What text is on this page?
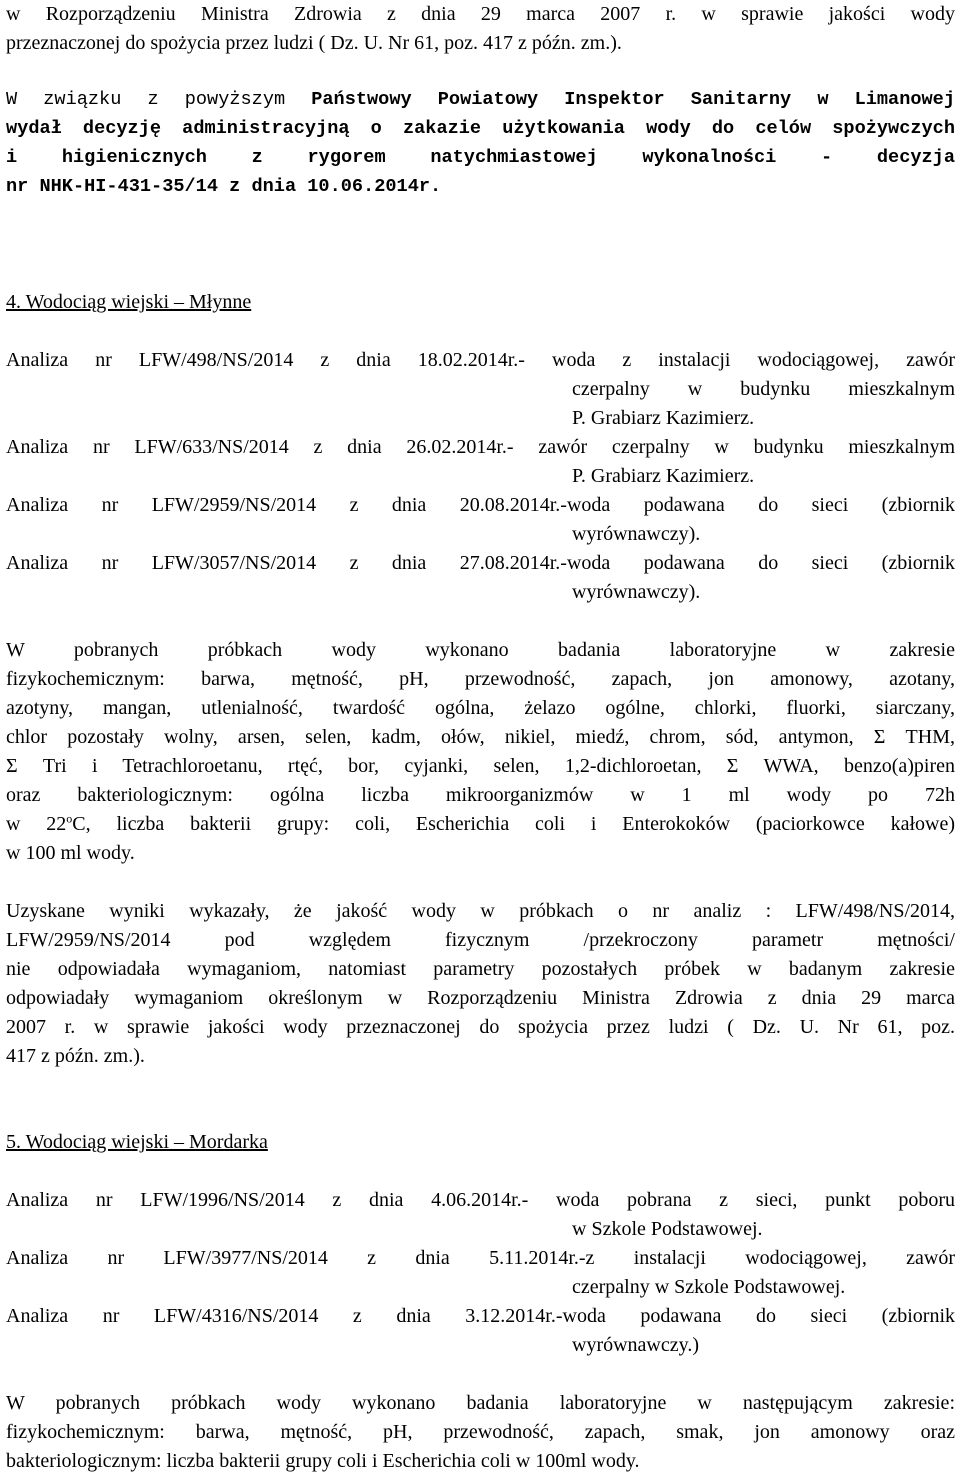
w Rozporządzeniu Ministra Zdrowia z dnia 29 marca 2007 r. w sprawie jakości wody
przeznaczonej do spożycia przez ludzi ( Dz. U. Nr 61, poz. 417 z późn. zm.).
W związku z powyższym Państwowy Powiatowy Inspektor Sanitarny w Limanowej
wydał decyzję administracyjną o zakazie użytkowania wody do celów spożywczych
i higienicznych z rygorem natychmiastowej wykonalności - decyzja
nr NHK-HI-431-35/14 z dnia 10.06.2014r.
4. Wodociąg wiejski – Młynne
Analiza nr LFW/498/NS/2014 z dnia 18.02.2014r.- woda z instalacji wodociągowej, zawór
czerpalny w budynku mieszkalnym
P. Grabiarz Kazimierz.
Analiza nr LFW/633/NS/2014 z dnia 26.02.2014r.- zawór czerpalny w budynku mieszkalnym
P. Grabiarz Kazimierz.
Analiza nr LFW/2959/NS/2014 z dnia 20.08.2014r.-woda podawana do sieci (zbiornik
wyrównawczy).
Analiza nr LFW/3057/NS/2014 z dnia 27.08.2014r.-woda podawana do sieci (zbiornik
wyrównawczy).
W pobranych próbkach wody wykonano badania laboratoryjne w zakresie
fizykochemicznym: barwa, mętność, pH, przewodność, zapach, jon amonowy, azotany,
azotyny, mangan, utlenialność, twardość ogólna, żelazo ogólne, chlorki, fluorki, siarczany,
chlor pozostały wolny, arsen, selen, kadm, ołów, nikiel, miedź, chrom, sód, antymon, Σ THM,
Σ Tri i Tetrachloroetanu, rtęć, bor, cyjanki, selen, 1,2-dichloroetan, Σ WWA, benzo(a)piren
oraz bakteriologicznym: ogólna liczba mikroorganizmów w 1 ml wody po 72h
w 22$^o$C, liczba bakterii grupy: coli, Escherichia coli i Enterokoków (paciorkowce kałowe)
w 100 ml wody.
Uzyskane wyniki wykazały, że jakość wody w próbkach o nr analiz : LFW/498/NS/2014,
LFW/2959/NS/2014 pod względem fizycznym /przekroczony parametr mętności/
nie odpowiadała wymaganiom, natomiast parametry pozostałych próbek w badanym zakresie
odpowiadały wymaganiom określonym w Rozporządzeniu Ministra Zdrowia z dnia 29 marca
2007 r. w sprawie jakości wody przeznaczonej do spożycia przez ludzi ( Dz. U. Nr 61, poz.
417 z późn. zm.).
5. Wodociąg wiejski – Mordarka
Analiza nr LFW/1996/NS/2014 z dnia 4.06.2014r.- woda pobrana z sieci, punkt poboru
w Szkole Podstawowej.
Analiza nr LFW/3977/NS/2014 z dnia 5.11.2014r.-z instalacji wodociągowej, zawór
czerpalny w Szkole Podstawowej.
Analiza nr LFW/4316/NS/2014 z dnia 3.12.2014r.-woda podawana do sieci (zbiornik
wyrównawczy.)
W pobranych próbkach wody wykonano badania laboratoryjne w następującym zakresie:
fizykochemicznym: barwa, mętność, pH, przewodność, zapach, smak, jon amonowy oraz
bakteriologicznym: liczba bakterii grupy coli i Escherichia coli w 100ml wody.
